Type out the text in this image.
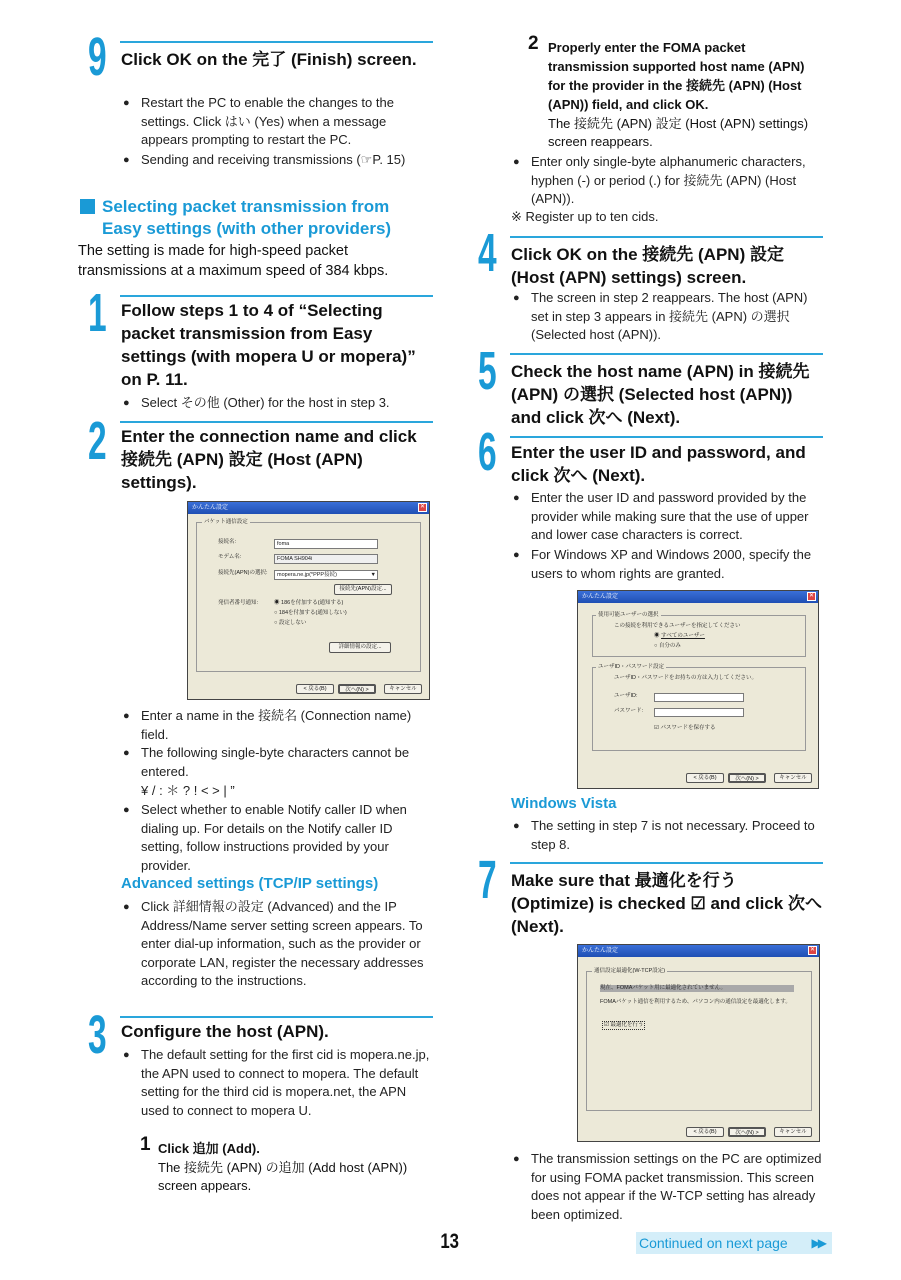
9 Click OK on the 完了 (Finish) screen.
● Restart the PC to enable the changes to the settings. Click はい (Yes) when a message appears prompting to restart the PC.
● Sending and receiving transmissions (☞P. 15)
Selecting packet transmission from Easy settings (with other providers)
The setting is made for high-speed packet transmissions at a maximum speed of 384 kbps.
1 Follow steps 1 to 4 of “Selecting packet transmission from Easy settings (with mopera U or mopera)” on P. 11.
● Select その他 (Other) for the host in step 3.
2 Enter the connection name and click 接続先 (APN) 設定 (Host (APN) settings).
かんたん設定	✕
パケット通信設定
接続名:	foma
モデム名:	FOMA SH904i
接続先(APN)の選択: mopera.ne.jp(*PPP接続)	▼
接続先(APN)設定...
発信者番号通知:	◉ 186を付加する(通知する)
○ 184を付加する(通知しない)
○ 設定しない
詳細情報の設定...
< 戻る(B)	次へ(N) >	キャンセル
● Enter a name in the 接続名 (Connection name) field.
● The following single-byte characters cannot be entered.
¥ / : ＊ ? ! < > | ”
● Select whether to enable Notify caller ID when dialing up. For details on the Notify caller ID setting, follow instructions provided by your provider.
Advanced settings (TCP/IP settings)
● Click 詳細情報の設定 (Advanced) and the IP Address/Name server setting screen appears. To enter dial-up information, such as the provider or corporate LAN, register the necessary addresses according to the instructions.
3 Configure the host (APN).
● The default setting for the first cid is mopera.ne.jp, the APN used to connect to mopera. The default setting for the third cid is mopera.net, the APN used to connect to mopera U.
1 Click 追加 (Add).
The 接続先 (APN) の追加 (Add host (APN)) screen appears.
2 Properly enter the FOMA packet transmission supported host name (APN) for the provider in the 接続先 (APN) (Host (APN)) field, and click OK.
The 接続先 (APN) 設定 (Host (APN) settings) screen reappears.
● Enter only single-byte alphanumeric characters, hyphen (-) or period (.) for 接続先 (APN) (Host (APN)).
※ Register up to ten cids.
4 Click OK on the 接続先 (APN) 設定 (Host (APN) settings) screen.
● The screen in step 2 reappears. The host (APN) set in step 3 appears in 接続先 (APN) の選択 (Selected host (APN)).
5 Check the host name (APN) in 接続先 (APN) の選択 (Selected host (APN)) and click 次へ (Next).
6 Enter the user ID and password, and click 次へ (Next).
● Enter the user ID and password provided by the provider while making sure that the use of upper and lower case characters is correct.
● For Windows XP and Windows 2000, specify the users to whom rights are granted.
かんたん設定	✕
使用可能ユーザーの選択
この接続を利用できるユーザーを指定してください
◉ すべてのユーザー
○ 自分のみ
ユーザID・パスワード設定
ユーザID・パスワードをお持ちの方は入力してください。
ユーザID:
パスワード:
☑ パスワードを保存する
< 戻る(B)	次へ(N) >	キャンセル
Windows Vista
● The setting in step 7 is not necessary. Proceed to step 8.
7 Make sure that 最適化を行う (Optimize) is checked ☑ and click 次へ (Next).
かんたん設定	✕
通信設定最適化(W-TCP設定)
現在、FOMAパケット用に最適化されていません。
FOMAパケット通信を利用するため、パソコン内の通信設定を最適化します。
☑ 最適化を行う
< 戻る(B)	次へ(N) >	キャンセル
● The transmission settings on the PC are optimized for using FOMA packet transmission. This screen does not appear if the W-TCP setting has already been optimized.
13	Continued on next page ▶▶
